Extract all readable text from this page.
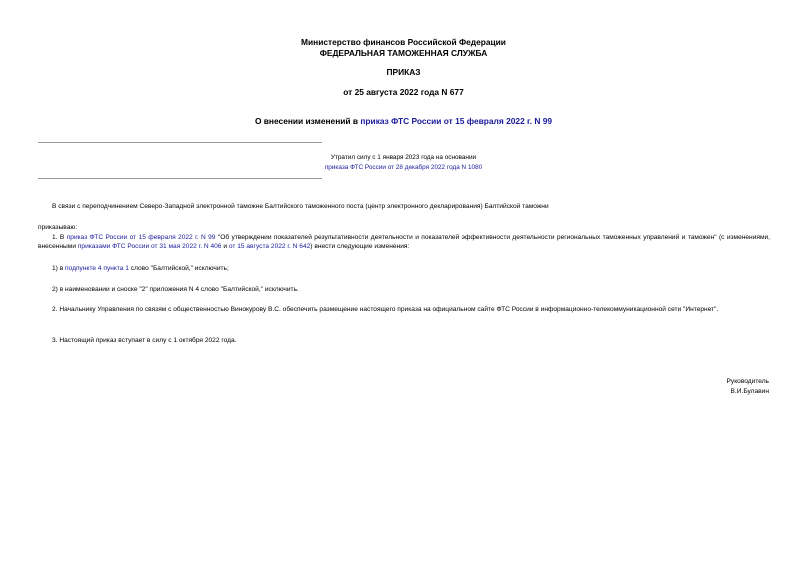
Министерство финансов Российской Федерации
ФЕДЕРАЛЬНАЯ ТАМОЖЕННАЯ СЛУЖБА
ПРИКАЗ
от 25 августа 2022 года N 677
О внесении изменений в приказ ФТС России от 15 февраля 2022 г. N 99
Утратил силу с 1 января 2023 года на основании
приказа ФТС России от 28 декабря 2022 года N 1080
В связи с переподчинением Северо-Западной электронной таможне Балтийского таможенного поста (центр электронного декларирования) Балтийской таможни
приказываю:
1. В приказ ФТС России от 15 февраля 2022 г. N 99 "Об утверждении показателей результативности деятельности и показателей эффективности деятельности региональных таможенных управлений и таможен" (с изменениями, внесенными приказами ФТС России от 31 мая 2022 г. N 406 и от 15 августа 2022 г. N 642) внести следующие изменения:
1) в подпункте 4 пункта 1 слово "Балтийской," исключить;
2) в наименовании и сноске "2" приложения N 4 слово "Балтийской," исключить.
2. Начальнику Управления по связям с общественностью Винокурову В.С. обеспечить размещение настоящего приказа на официальном сайте ФТС России в информационно-телекоммуникационной сети "Интернет".
3. Настоящий приказ вступает в силу с 1 октября 2022 года.
Руководитель
В.И.Булавин
